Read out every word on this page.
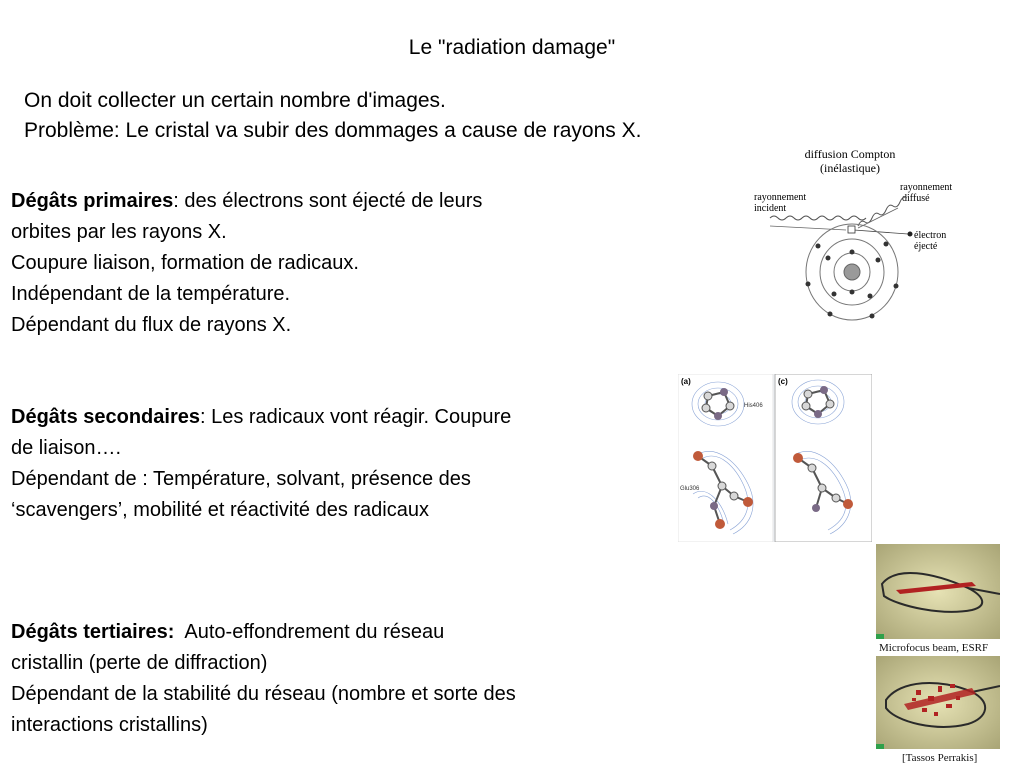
Le "radiation damage"
On doit collecter un certain nombre d'images.
Problème: Le cristal va subir des dommages a cause de rayons X.
Dégâts primaires: des électrons sont éjecté de leurs
orbites par les rayons X.
Coupure liaison, formation de radicaux.
Indépendant de la température.
Dépendant du flux de rayons X.
Dégâts secondaires: Les radicaux vont réagir. Coupure
de liaison….
Dépendant de : Température, solvant, présence des
‘scavengers’, mobilité et réactivité des radicaux
Dégâts tertiaires:  Auto-effondrement du réseau
cristallin (perte de diffraction)
Dépendant de la stabilité du réseau (nombre et sorte des
interactions cristallins)
diffusion Compton
(inélastique)
rayonnement
incident
rayonnement
diffusé
électron
éjecté
(a)	(c)
His406
Glu306
Microfocus beam, ESRF
[Tassos Perrakis]
